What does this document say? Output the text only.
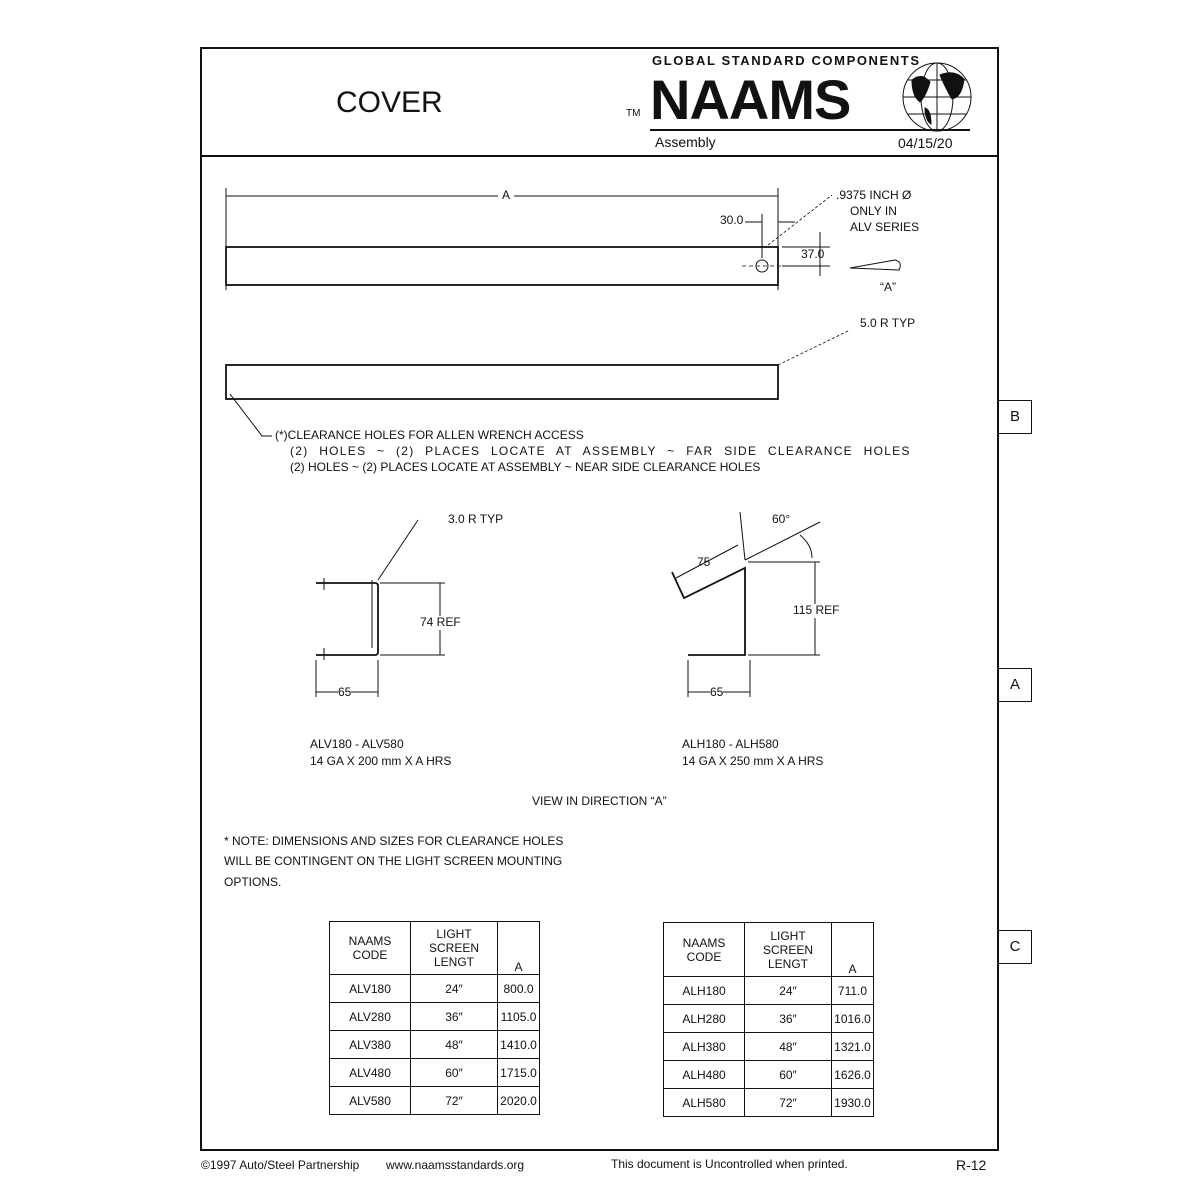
COVER	TM
GLOBAL STANDARD COMPONENTS
NAAMS
Assembly	04/15/20
A
30.0
37.0
.9375 INCH Ø
ONLY IN
ALV SERIES
“A”
5.0 R TYP
(*)CLEARANCE HOLES FOR ALLEN WRENCH ACCESS
(2) HOLES ~ (2) PLACES LOCATE AT ASSEMBLY ~ FAR SIDE CLEARANCE HOLES
(2) HOLES ~ (2) PLACES LOCATE AT ASSEMBLY ~ NEAR SIDE CLEARANCE HOLES
3.0 R TYP
74 REF
65
ALV180 - ALV580
14 GA X 200 mm X A HRS
60°
75
115 REF
65
ALH180 - ALH580
14 GA X 250 mm X A HRS
VIEW IN DIRECTION “A”
* NOTE: DIMENSIONS AND SIZES FOR CLEARANCE HOLES
WILL BE CONTINGENT ON THE LIGHT SCREEN MOUNTING
OPTIONS.
B
A
C
NAAMS CODE	LIGHT SCREEN LENGT	A
ALV180	24″	800.0
ALV280	36″	1105.0
ALV380	48″	1410.0
ALV480	60″	1715.0
ALV580	72″	2020.0
NAAMS CODE	LIGHT SCREEN LENGT	A
ALH180	24″	711.0
ALH280	36″	1016.0
ALH380	48″	1321.0
ALH480	60″	1626.0
ALH580	72″	1930.0
©1997 Auto/Steel Partnership www.naamsstandards.org	This document is Uncontrolled when printed.	R-12
